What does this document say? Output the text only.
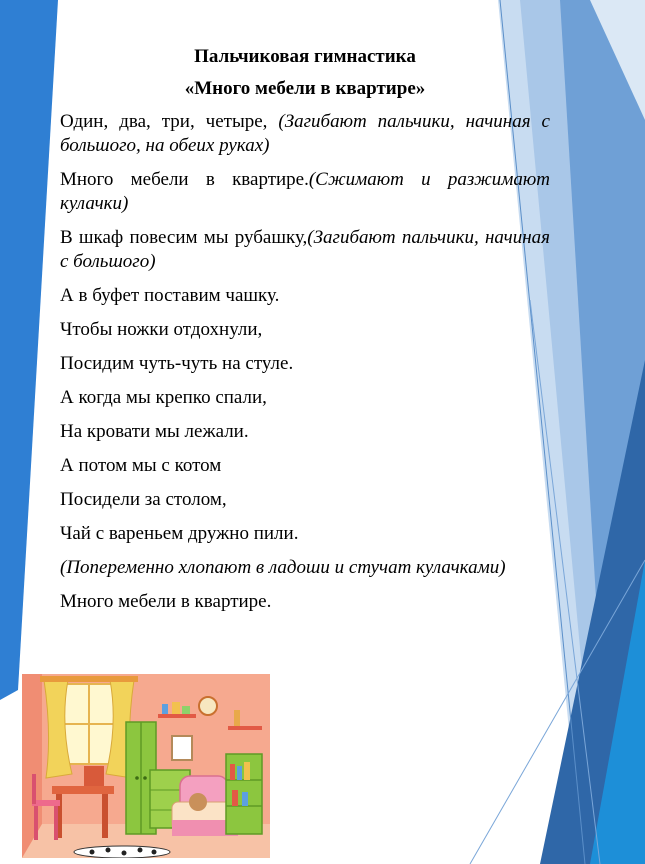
Пальчиковая гимнастика

«Много мебели в квартире»

Один, два, три, четыре, (Загибают пальчики, начиная с большого, на обеих руках)

Много мебели в квартире.(Сжимают и разжимают кулачки)

В шкаф повесим мы рубашку,(Загибают пальчики, начиная с большого)

А в буфет поставим чашку.

Чтобы ножки отдохнули,

Посидим чуть-чуть на стуле.

А когда мы крепко спали,

На кровати мы лежали.

А потом мы с котом

Посидели за столом,

Чай с вареньем дружно пили.

(Попеременно хлопают в ладоши и стучат кулачками)

Много мебели в квартире.
